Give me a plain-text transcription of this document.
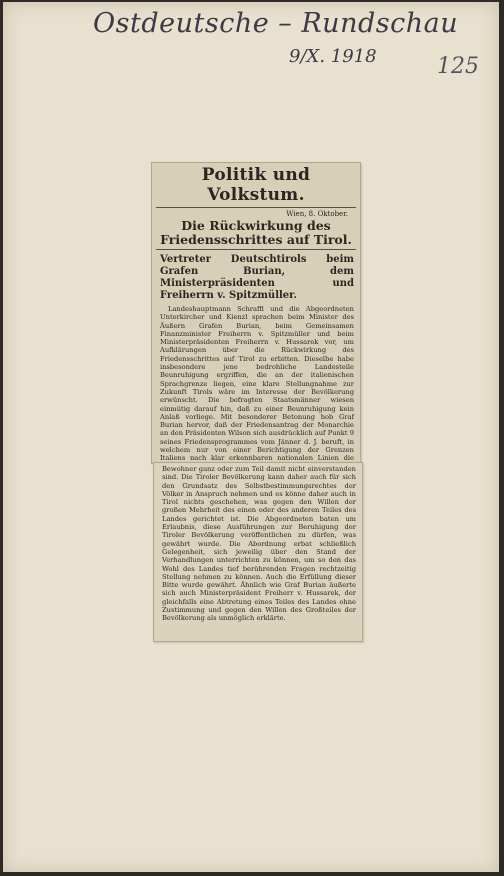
Ostdeutsche – Rundschau
9/X. 1918	125
Politik und Volkstum.
Wien, 8. Oktober.
Die Rückwirkung des Friedensschrittes auf Tirol.
Vertreter Deutschtirols beim Grafen Burian, dem Ministerpräsidenten und Freiherrn v. Spitzmüller.
Landeshauptmann Schraffl und die Abgeordneten Unterkircher und Kienzl sprachen beim Minister des Äußern Grafen Burian, beim Gemeinsamen Finanzminister Freiherrn v. Spitzmüller und beim Ministerpräsidenten Freiherrn v. Hussarek vor, um Aufklärungen über die Rückwirkung des Friedensschrittes auf Tirol zu erbitten. Dieselbe habe insbesondere jene bedrohliche Landesteile Beunruhigung ergriffen, die an der italienischen Sprachgrenze liegen, eine klare Stellungnahme zur Zukunft Tirols wäre im Interesse der Bevölkerung erwünscht. Die befragten Staatsmänner wiesen einmütig darauf hin, daß zu einer Beunruhigung kein Anlaß vorliege. Mit besonderer Betonung hob Graf Burian hervor, daß der Friedensantrag der Monarchie an den Präsidenten Wilson sich ausdrücklich auf Punkt 9 seines Friedensprogrammes vom Jänner d. J. beruft, in welchem nur von einer Berichtigung der Grenzen Italiens nach klar erkennbaren nationalen Linien die
Bewohner ganz oder zum Teil damit nicht einverstanden sind. Die Tiroler Bevölkerung kann daher auch für sich den Grundsatz des Selbstbestimmungsrechtes der Völker in Anspruch nehmen und es könne daher auch in Tirol nichts geschehen, was gegen den Willen der großen Mehrheit des einen oder des anderen Teiles des Landes gerichtet ist. Die Abgeordneten baten um Erlaubnis, diese Ausführungen zur Beruhigung der Tiroler Bevölkerung veröffentlichen zu dürfen, was gewährt wurde. Die Abordnung erbat schließlich Gelegenheit, sich jeweilig über den Stand der Verhandlungen unterrichten zu können, um so den das Wohl des Landes tief berührenden Fragen rechtzeitig Stellung nehmen zu können. Auch die Erfüllung dieser Bitte wurde gewährt. Ähnlich wie Graf Burian äußerte sich auch Ministerpräsident Freiherr v. Hussarek, der gleichfalls eine Abtretung eines Teiles des Landes ohne Zustimmung und gegen den Willen des Großteiles der Bevölkerung als unmöglich erklärte.
